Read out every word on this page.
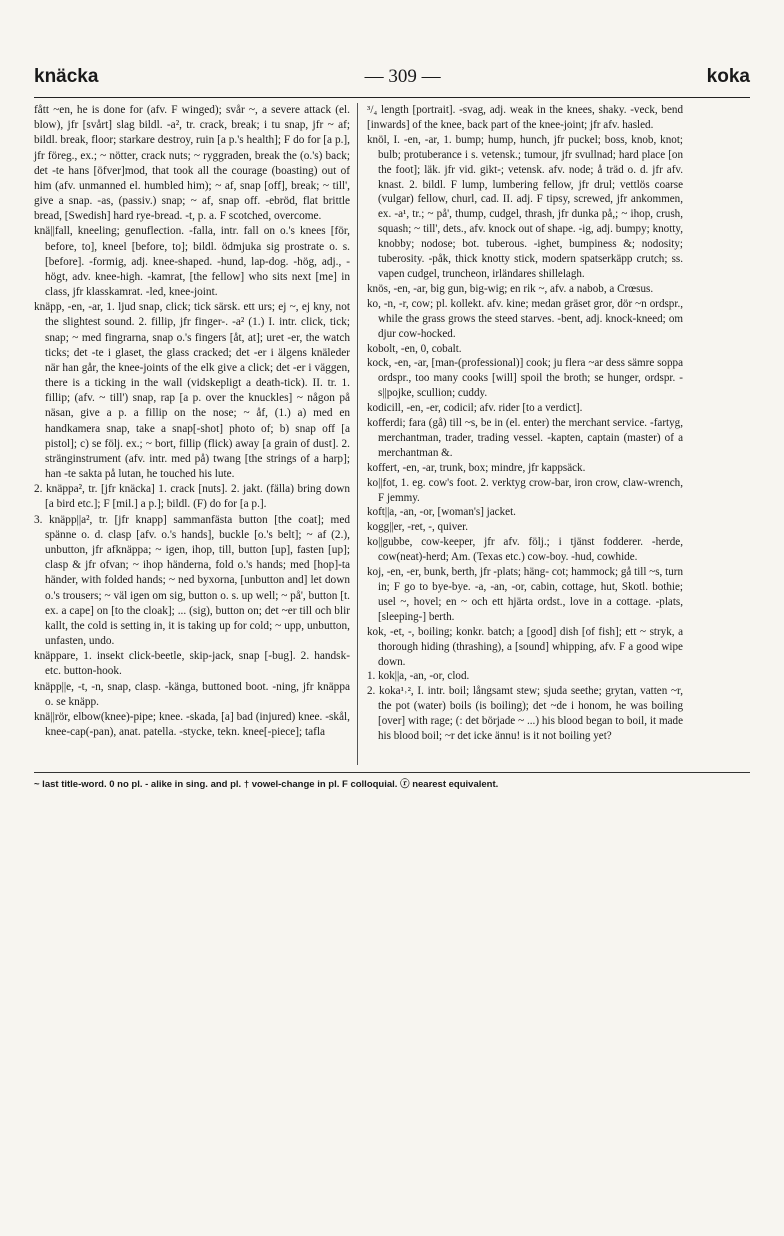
knäcka	— 309 —	koka

fått ~en, he is done for (afv. F winged); svår ~, a severe attack (el. blow), jfr [svårt] slag bildl. -a², tr. crack, break; i tu snap, jfr ~ af; bildl. break, floor; starkare destroy, ruin [a p.'s health]; F do for [a p.], jfr föreg., ex.; ~ nötter, crack nuts; ~ ryggraden, break the (o.'s) back; det -te hans [öfver]mod, that took all the courage (boasting) out of him (afv. unmanned el. humbled him); ~ af, snap [off], break; ~ till', give a snap. -as, (passiv.) snap; ~ af, snap off. -ebröd, flat brittle bread, [Swedish] hard rye-bread. -t, p. a. F scotched, overcome.

knä||fall, kneeling; genuflection. -falla, intr. fall on o.'s knees [för, before, to], kneel [before, to]; bildl. ödmjuka sig prostrate o. s. [before]. -formig, adj. knee-shaped. -hund, lap-dog. -hög, adj., -högt, adv. knee-high. -kamrat, [the fellow] who sits next [me] in class, jfr klasskamrat. -led, knee-joint.

knäpp, -en, -ar, 1. ljud snap, click; tick särsk. ett urs; ej ~, ej kny, not the slightest sound. 2. fillip, jfr finger-. -a² (1.) I. intr. click, tick; snap; ~ med fingrarna, snap o.'s fingers [åt, at]; uret -er, the watch ticks; det -te i glaset, the glass cracked; det -er i älgens knäleder när han går, the knee-joints of the elk give a click; det -er i väggen, there is a ticking in the wall (vidskepligt a death-tick). II. tr. 1. fillip; (afv. ~ till') snap, rap [a p. over the knuckles] ~ någon på näsan, give a p. a fillip on the nose; ~ åf, (1.) a) med en handkamera snap, take a snap[-shot] photo of; b) snap off [a pistol]; c) se följ. ex.; ~ bort, fillip (flick) away [a grain of dust]. 2. stränginstrument (afv. intr. med på) twang [the strings of a harp]; han -te sakta på lutan, he touched his lute.

2. knäppa², tr. [jfr knäcka] 1. crack [nuts]. 2. jakt. (fälla) bring down [a bird etc.]; F [mil.] a p.]; bildl. (F) do for [a p.].

3. knäpp||a², tr. [jfr knapp] sammanfästa button [the coat]; med spänne o. d. clasp [afv. o.'s hands], buckle [o.'s belt]; ~ af (2.), unbutton, jfr afknäppa; ~ igen, ihop, till, button [up], fasten [up]; clasp & jfr ofvan; ~ ihop händerna, fold o.'s hands; med [hop]-ta händer, with folded hands; ~ ned byxorna, [unbutton and] let down o.'s trousers; ~ väl igen om sig, button o. s. up well; ~ på', button [t. ex. a cape] on [to the cloak]; ... (sig), button on; det ~er till och blir kallt, the cold is setting in, it is taking up for cold; ~ upp, unbutton, unfasten, undo.

knäppare, 1. insekt click-beetle, skip-jack, snap [-bug]. 2. handsk- etc. button-hook.

knäpp||e, -t, -n, snap, clasp. -känga, buttoned boot. -ning, jfr knäppa o. se knäpp.

knä||rör, elbow(knee)-pipe; knee. -skada, [a] bad (injured) knee. -skål, knee-cap(-pan), anat. patella. -stycke, tekn. knee[-piece]; tafla

³/₄ length [portrait]. -svag, adj. weak in the knees, shaky. -veck, bend [inwards] of the knee, back part of the knee-joint; jfr afv. hasled.

knöl, I. -en, -ar, 1. bump; hump, hunch, jfr puckel; boss, knob, knot; bulb; protuberance i s. vetensk.; tumour, jfr svullnad; hard place [on the foot]; läk. jfr vid. gikt-; vetensk. afv. node; å träd o. d. jfr afv. knast. 2. bildl. F lump, lumbering fellow, jfr drul; vettlös coarse (vulgar) fellow, churl, cad. II. adj. F tipsy, screwed, jfr ankommen, ex. -a¹, tr.; ~ på', thump, cudgel, thrash, jfr dunka på,; ~ ihop, crush, squash; ~ till', dets., afv. knock out of shape. -ig, adj. bumpy; knotty, knobby; nodose; bot. tuberous. -ighet, bumpiness &; nodosity; tuberosity. -påk, thick knotty stick, modern spatserkäpp crutch; ss. vapen cudgel, truncheon, irländares shillelagh.

knös, -en, -ar, big gun, big-wig; en rik ~, afv. a nabob, a Crœsus.

ko, -n, -r, cow; pl. kollekt. afv. kine; medan gräset gror, dör ~n ordspr., while the grass grows the steed starves. -bent, adj. knock-kneed; om djur cow-hocked.

kobolt, -en, 0, cobalt.

kock, -en, -ar, [man-(professional)] cook; ju flera ~ar dess sämre soppa ordspr., too many cooks [will] spoil the broth; se hunger, ordspr. -s||pojke, scullion; cuddy.

kodicill, -en, -er, codicil; afv. rider [to a verdict].

kofferdi; fara (gå) till ~s, be in (el. enter) the merchant service. -fartyg, merchantman, trader, trading vessel. -kapten, captain (master) of a merchantman &.

koffert, -en, -ar, trunk, box; mindre, jfr kappsäck.

ko||fot, 1. eg. cow's foot. 2. verktyg crow-bar, iron crow, claw-wrench, F jemmy.

koft||a, -an, -or, [woman's] jacket.

kogg||er, -ret, -, quiver.

ko||gubbe, cow-keeper, jfr afv. följ.; i tjänst fodderer. -herde, cow(neat)-herd; Am. (Texas etc.) cow-boy. -hud, cowhide.

koj, -en, -er, bunk, berth, jfr -plats; häng- cot; hammock; gå till ~s, turn in; F go to bye-bye. -a, -an, -or, cabin, cottage, hut, Skotl. bothie; usel ~, hovel; en ~ och ett hjärta ordst., love in a cottage. -plats, [sleeping-] berth.

kok, -et, -, boiling; konkr. batch; a [good] dish [of fish]; ett ~ stryk, a thorough hiding (thrashing), a [sound] whipping, afv. F a good wipe down.

1. kok||a, -an, -or, clod.

2. koka¹˒², I. intr. boil; långsamt stew; sjuda seethe; grytan, vatten ~r, the pot (water) boils (is boiling); det ~de i honom, he was boiling [over] with rage; (: det började ~ ...) his blood began to boil, it made his blood boil; ~r det icke ännu! is it not boiling yet?

~ last title-word. 0 no pl. - alike in sing. and pl. † vowel-change in pl. F colloquial. ⓡ nearest equivalent.
